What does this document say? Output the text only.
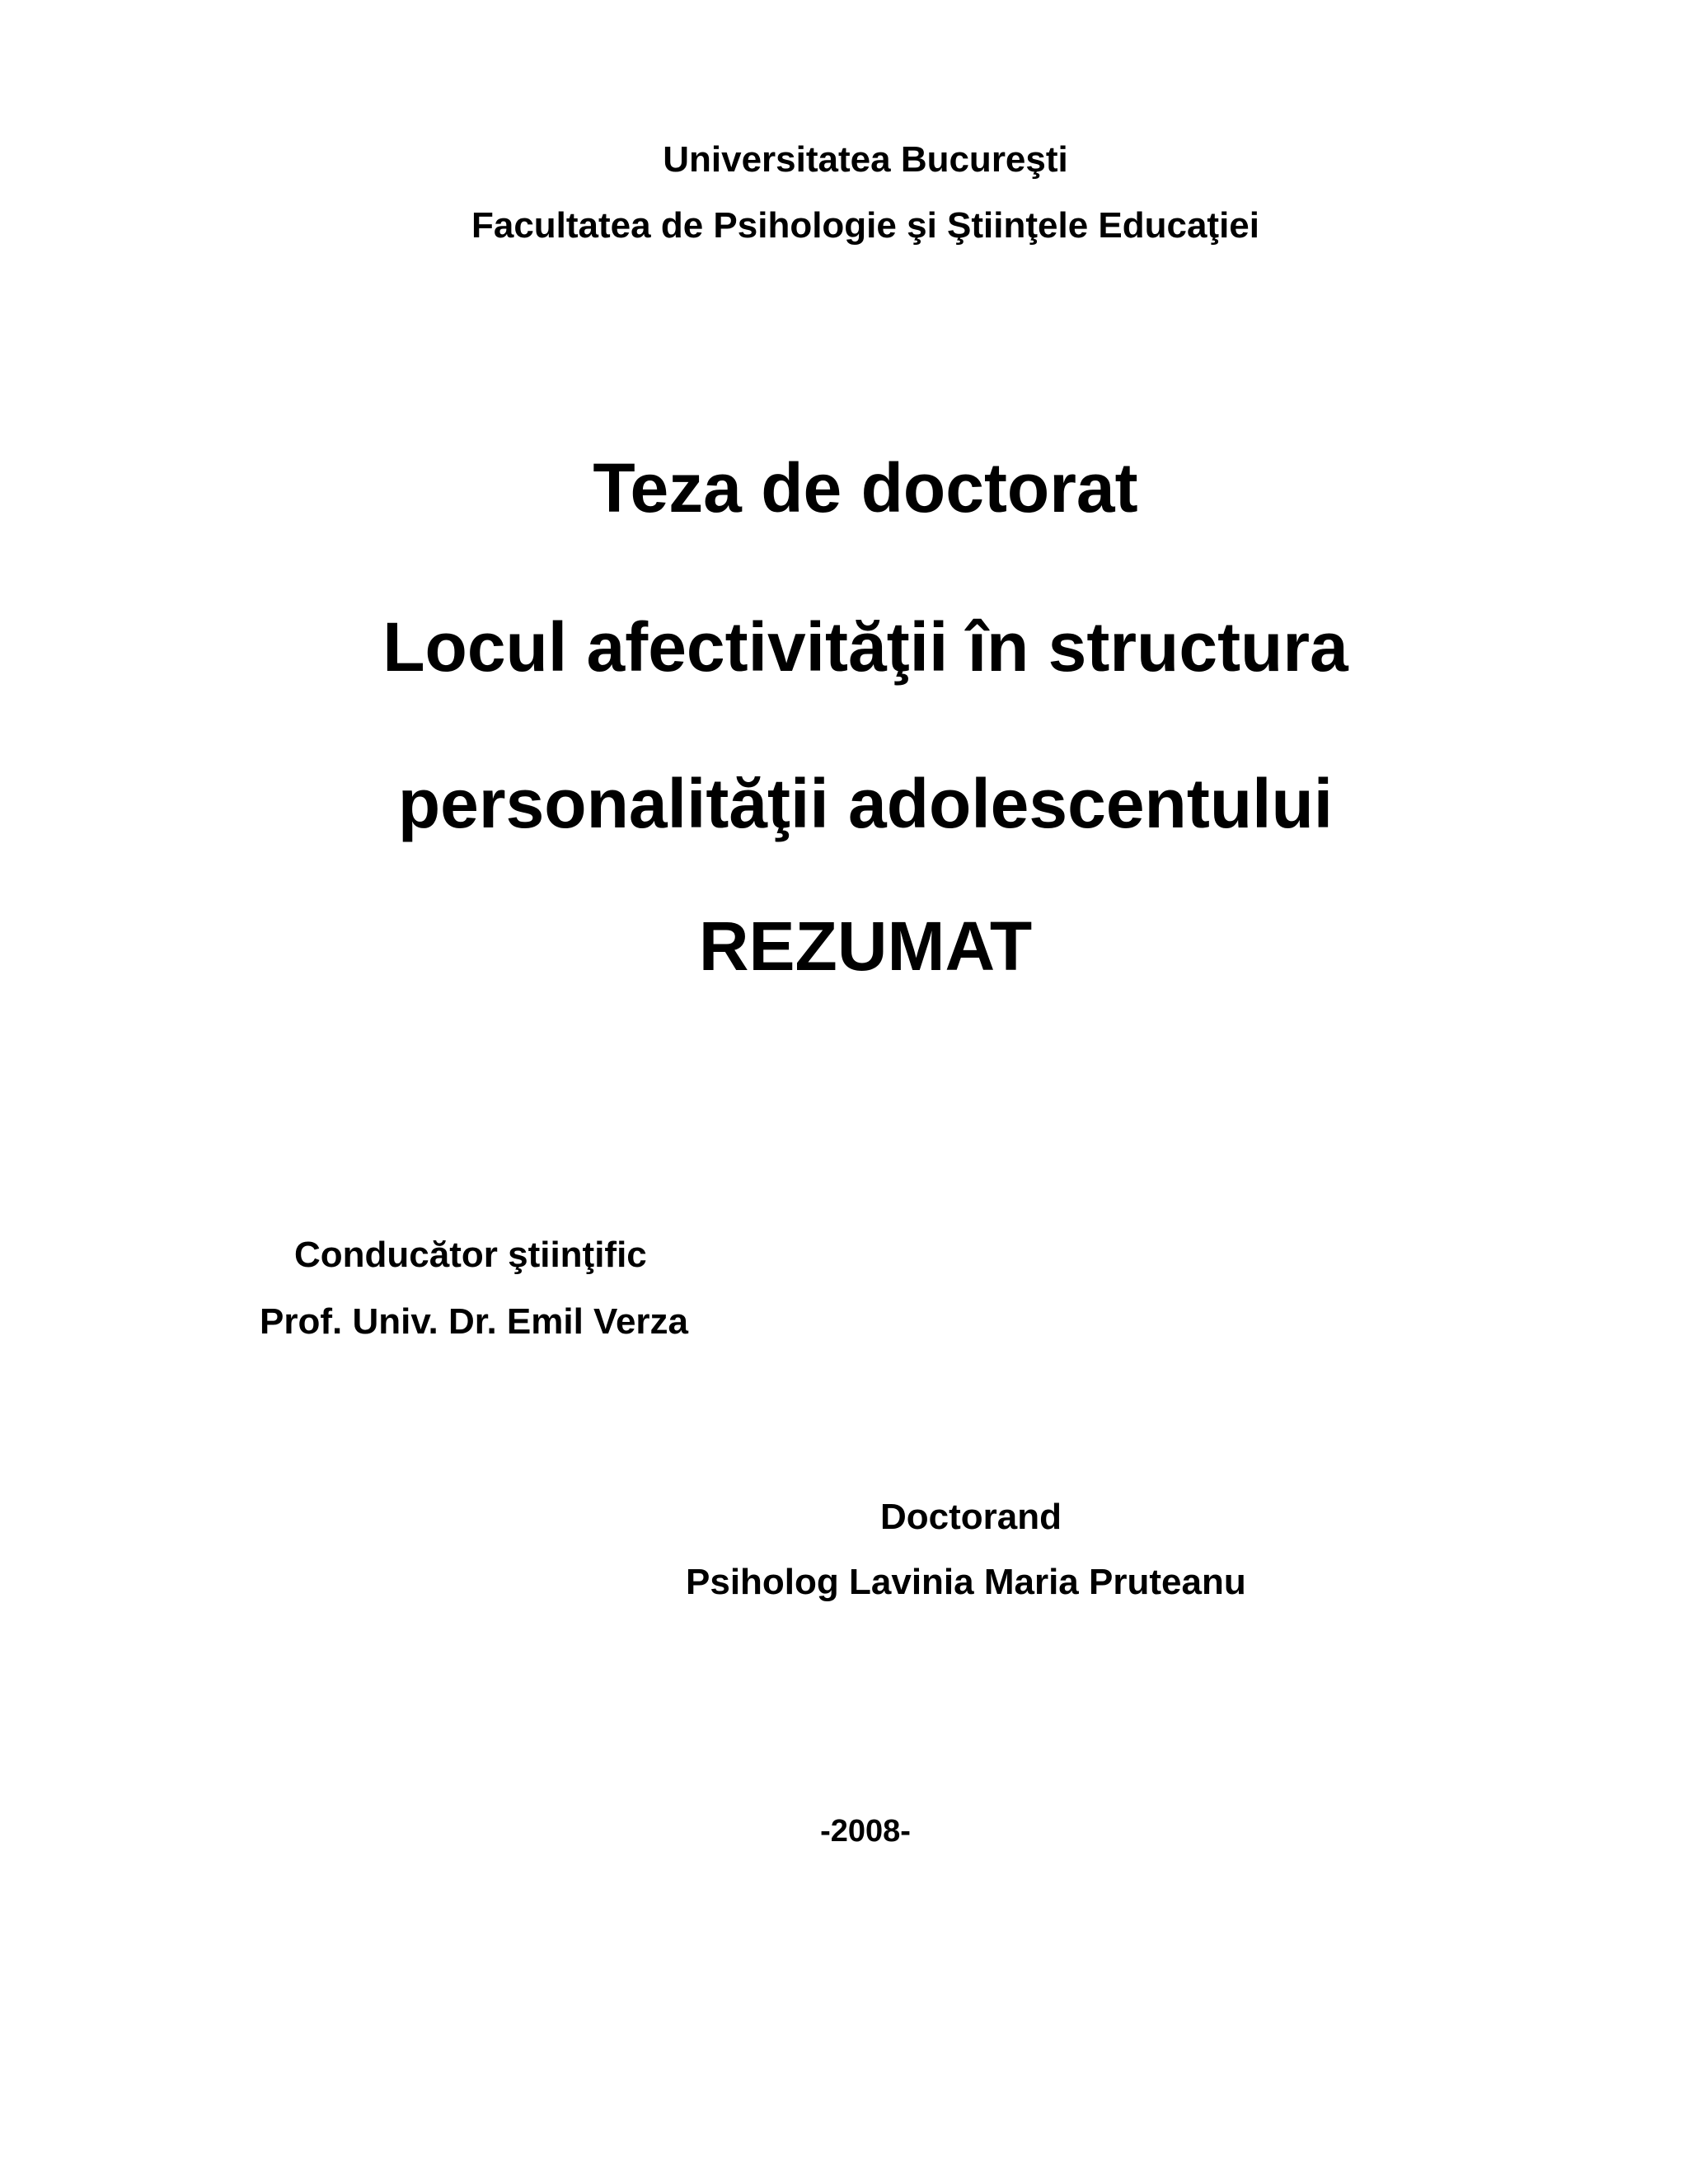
Universitatea Bucureşti
Facultatea de Psihologie şi Ştiinţele Educaţiei
Teza de doctorat
Locul afectivităţii în structura
personalităţii adolescentului
REZUMAT
Conducător ştiinţific
Prof. Univ. Dr. Emil Verza
Doctorand
Psiholog Lavinia Maria Pruteanu
-2008-
